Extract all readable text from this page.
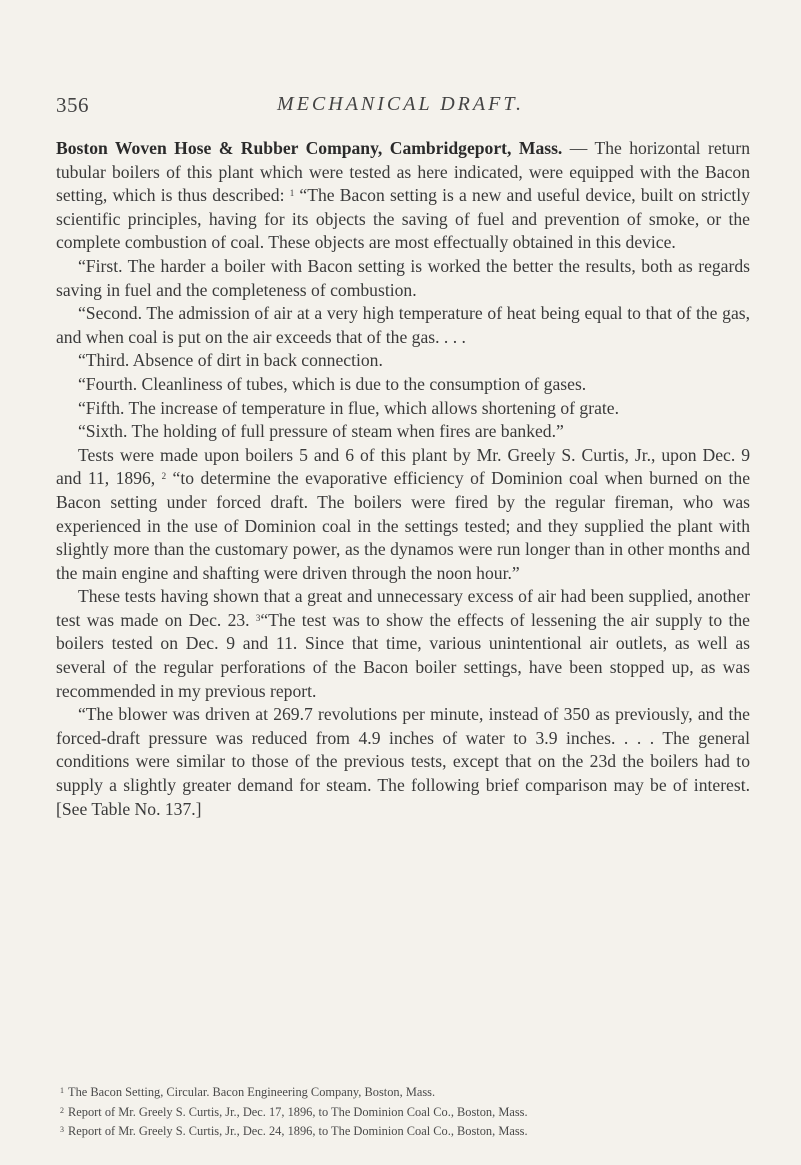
356	MECHANICAL DRAFT.

Boston Woven Hose & Rubber Company, Cambridgeport, Mass. — The horizontal return tubular boilers of this plant which were tested as here indicated, were equipped with the Bacon setting, which is thus described: $^1$ “The Bacon setting is a new and useful device, built on strictly scientific principles, having for its objects the saving of fuel and prevention of smoke, or the complete combustion of coal. These objects are most effectually obtained in this device.

“First. The harder a boiler with Bacon setting is worked the better the results, both as regards saving in fuel and the completeness of combustion.

“Second. The admission of air at a very high temperature of heat being equal to that of the gas, and when coal is put on the air exceeds that of the gas. . . .

“Third. Absence of dirt in back connection.

“Fourth. Cleanliness of tubes, which is due to the consumption of gases.

“Fifth. The increase of temperature in flue, which allows shortening of grate.

“Sixth. The holding of full pressure of steam when fires are banked.”

Tests were made upon boilers 5 and 6 of this plant by Mr. Greely S. Curtis, Jr., upon Dec. 9 and 11, 1896, $^2$ “to determine the evaporative efficiency of Dominion coal when burned on the Bacon setting under forced draft. The boilers were fired by the regular fireman, who was experienced in the use of Dominion coal in the settings tested; and they supplied the plant with slightly more than the customary power, as the dynamos were run longer than in other months and the main engine and shafting were driven through the noon hour.”

These tests having shown that a great and unnecessary excess of air had been supplied, another test was made on Dec. 23. $^3$“The test was to show the effects of lessening the air supply to the boilers tested on Dec. 9 and 11. Since that time, various unintentional air outlets, as well as several of the regular perforations of the Bacon boiler settings, have been stopped up, as was recommended in my previous report.

“The blower was driven at 269.7 revolutions per minute, instead of 350 as previously, and the forced-draft pressure was reduced from 4.9 inches of water to 3.9 inches. . . . The general conditions were similar to those of the previous tests, except that on the 23d the boilers had to supply a slightly greater demand for steam. The following brief comparison may be of interest. [See Table No. 137.]

$^1$ The Bacon Setting, Circular. Bacon Engineering Company, Boston, Mass.
$^2$ Report of Mr. Greely S. Curtis, Jr., Dec. 17, 1896, to The Dominion Coal Co., Boston, Mass.
$^3$ Report of Mr. Greely S. Curtis, Jr., Dec. 24, 1896, to The Dominion Coal Co., Boston, Mass.
